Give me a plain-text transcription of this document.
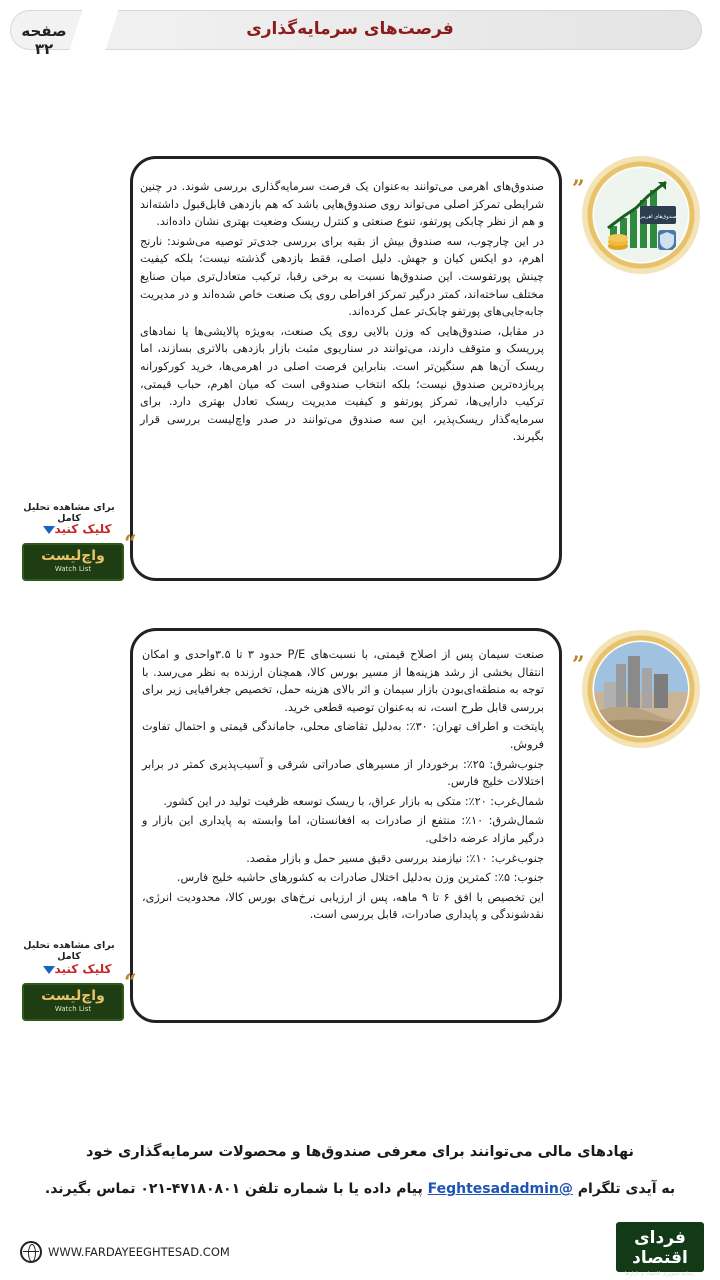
صفحه ۳۲
فرصت‌های سرمایه‌گذاری

صندوق‌های اهرمی می‌توانند به‌عنوان یک فرصت سرمایه‌گذاری بررسی شوند. در چنین شرایطی تمرکز اصلی می‌تواند روی صندوق‌هایی باشد که هم بازدهی قابل‌قبول داشته‌اند و هم از نظر چابکی پورتفو، تنوع صنعتی و کنترل ریسک وضعیت بهتری نشان داده‌اند.

در این چارچوب، سه صندوق بیش از بقیه برای بررسی جدی‌تر توصیه می‌شوند: نارنج اهرم، دو ایکس کیان و جهش. دلیل اصلی، فقط بازدهی گذشته نیست؛ بلکه کیفیت چینش پورتفوست. این صندوق‌ها نسبت به برخی رقبا، ترکیب متعادل‌تری میان صنایع مختلف ساخته‌اند، کمتر درگیر تمرکز افراطی روی یک صنعت خاص شده‌اند و در مدیریت جابه‌جایی‌های پورتفو چابک‌تر عمل کرده‌اند.

در مقابل، صندوق‌هایی که وزن بالایی روی یک صنعت، به‌ویژه پالایشی‌ها یا نمادهای پرریسک و متوقف دارند، می‌توانند در سناریوی مثبت بازار بازدهی بالاتری بسازند، اما ریسک آن‌ها هم سنگین‌تر است. بنابراین فرصت اصلی در اهرمی‌ها، خرید کورکورانه پربازده‌ترین صندوق نیست؛ بلکه انتخاب صندوقی است که میان اهرم، حباب قیمتی، ترکیب دارایی‌ها، تمرکز پورتفو و کیفیت مدیریت ریسک تعادل بهتری دارد. برای سرمایه‌گذار ریسک‌پذیر، این سه صندوق می‌توانند در صدر واچ‌لیست بررسی قرار بگیرند.

”
“
صندوق‌های اهرمی
برای مشاهده تحلیل کامل
کلیک کنید
واچ‌لیست
Watch List

صنعت سیمان پس از اصلاح قیمتی، با نسبت‌های P/E حدود ۳ تا ۳.۵واحدی و امکان انتقال بخشی از رشد هزینه‌ها از مسیر بورس کالا، همچنان ارزنده به نظر می‌رسد. با توجه به منطقه‌ای‌بودن بازار سیمان و اثر بالای هزینه حمل، تخصیص جغرافیایی زیر برای بررسی قابل طرح است، نه به‌عنوان توصیه قطعی خرید.

پایتخت و اطراف تهران: ۳۰٪: به‌دلیل تقاضای محلی، جاماندگی قیمتی و احتمال تفاوت فروش.

جنوب‌شرق: ۲۵٪: برخوردار از مسیرهای صادراتی شرقی و آسیب‌پذیری کمتر در برابر اختلالات خلیج فارس.

شمال‌غرب: ۲۰٪: متکی به بازار عراق، با ریسک توسعه ظرفیت تولید در این کشور.

شمال‌شرق: ۱۰٪: منتفع از صادرات به افغانستان، اما وابسته به پایداری این بازار و درگیر مازاد عرضه داخلی.

جنوب‌غرب: ۱۰٪: نیازمند بررسی دقیق مسیر حمل و بازار مقصد.

جنوب: ۵٪: کمترین وزن به‌دلیل اختلال صادرات به کشورهای حاشیه خلیج فارس.

این تخصیص با افق ۶ تا ۹ ماهه، پس از ارزیابی نرخ‌های بورس کالا، محدودیت انرژی، نقدشوندگی و پایداری صادرات، قابل بررسی است.

”
“
برای مشاهده تحلیل کامل
کلیک کنید
واچ‌لیست
Watch List
نهادهای مالی می‌توانند برای معرفی صندوق‌ها و محصولات سرمایه‌گذاری خود
به آیدی تلگرام @Feghtesadadmin پیام داده یا با شماره تلفن ۴۷۱۸۰۸۰۱-۰۲۱ تماس بگیرند.
WWW.FARDAYEEGHTESAD.COM
فردای اقتصاد
رسانه تصویری اقتصاد و بازارها
